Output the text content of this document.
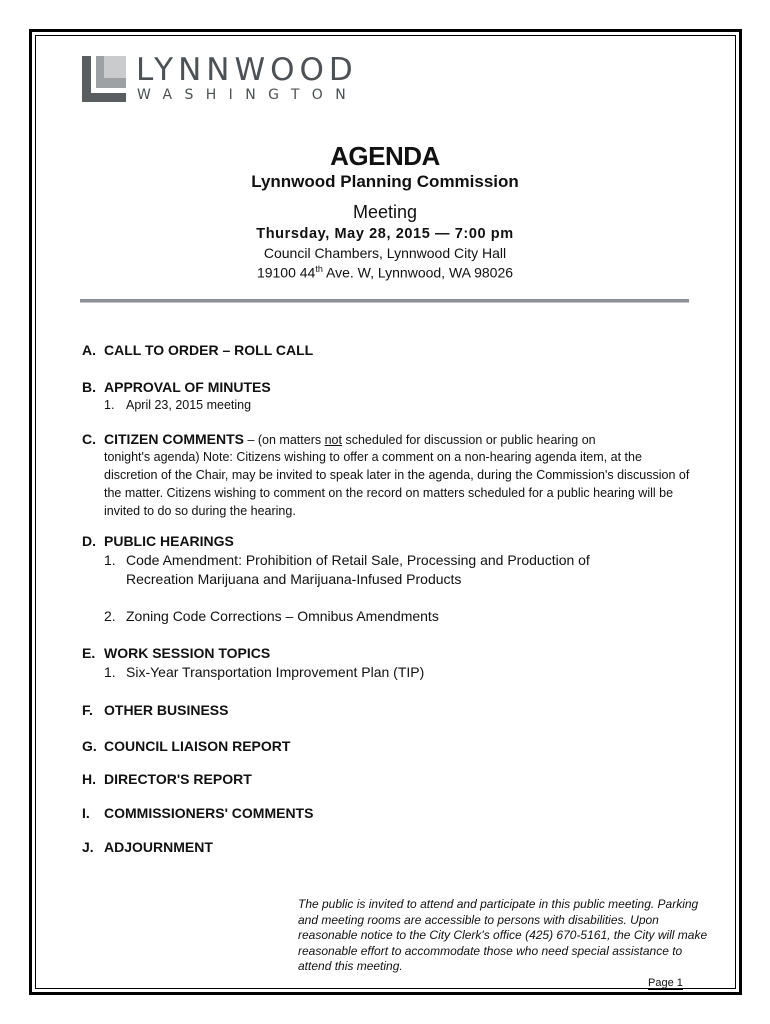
LYNNWOOD
WASHINGTON
AGENDA
Lynnwood Planning Commission
Meeting
Thursday, May 28, 2015 — 7:00 pm
Council Chambers, Lynnwood City Hall
19100 44th Ave. W, Lynnwood, WA 98026
A. CALL TO ORDER – ROLL CALL
B. APPROVAL OF MINUTES
1. April 23, 2015 meeting
C. CITIZEN COMMENTS – (on matters not scheduled for discussion or public hearing on
tonight's agenda) Note: Citizens wishing to offer a comment on a non-hearing agenda item, at the discretion of the Chair, may be invited to speak later in the agenda, during the Commission's discussion of the matter. Citizens wishing to comment on the record on matters scheduled for a public hearing will be invited to do so during the hearing.
D. PUBLIC HEARINGS
1. Code Amendment: Prohibition of Retail Sale, Processing and Production of
Recreation Marijuana and Marijuana-Infused Products
2. Zoning Code Corrections – Omnibus Amendments
E. WORK SESSION TOPICS
1. Six-Year Transportation Improvement Plan (TIP)
F. OTHER BUSINESS
G. COUNCIL LIAISON REPORT
H. DIRECTOR'S REPORT
I. COMMISSIONERS' COMMENTS
J. ADJOURNMENT
The public is invited to attend and participate in this public meeting. Parking and meeting rooms are accessible to persons with disabilities. Upon reasonable notice to the City Clerk's office (425) 670-5161, the City will make reasonable effort to accommodate those who need special assistance to attend this meeting.
Page 1
